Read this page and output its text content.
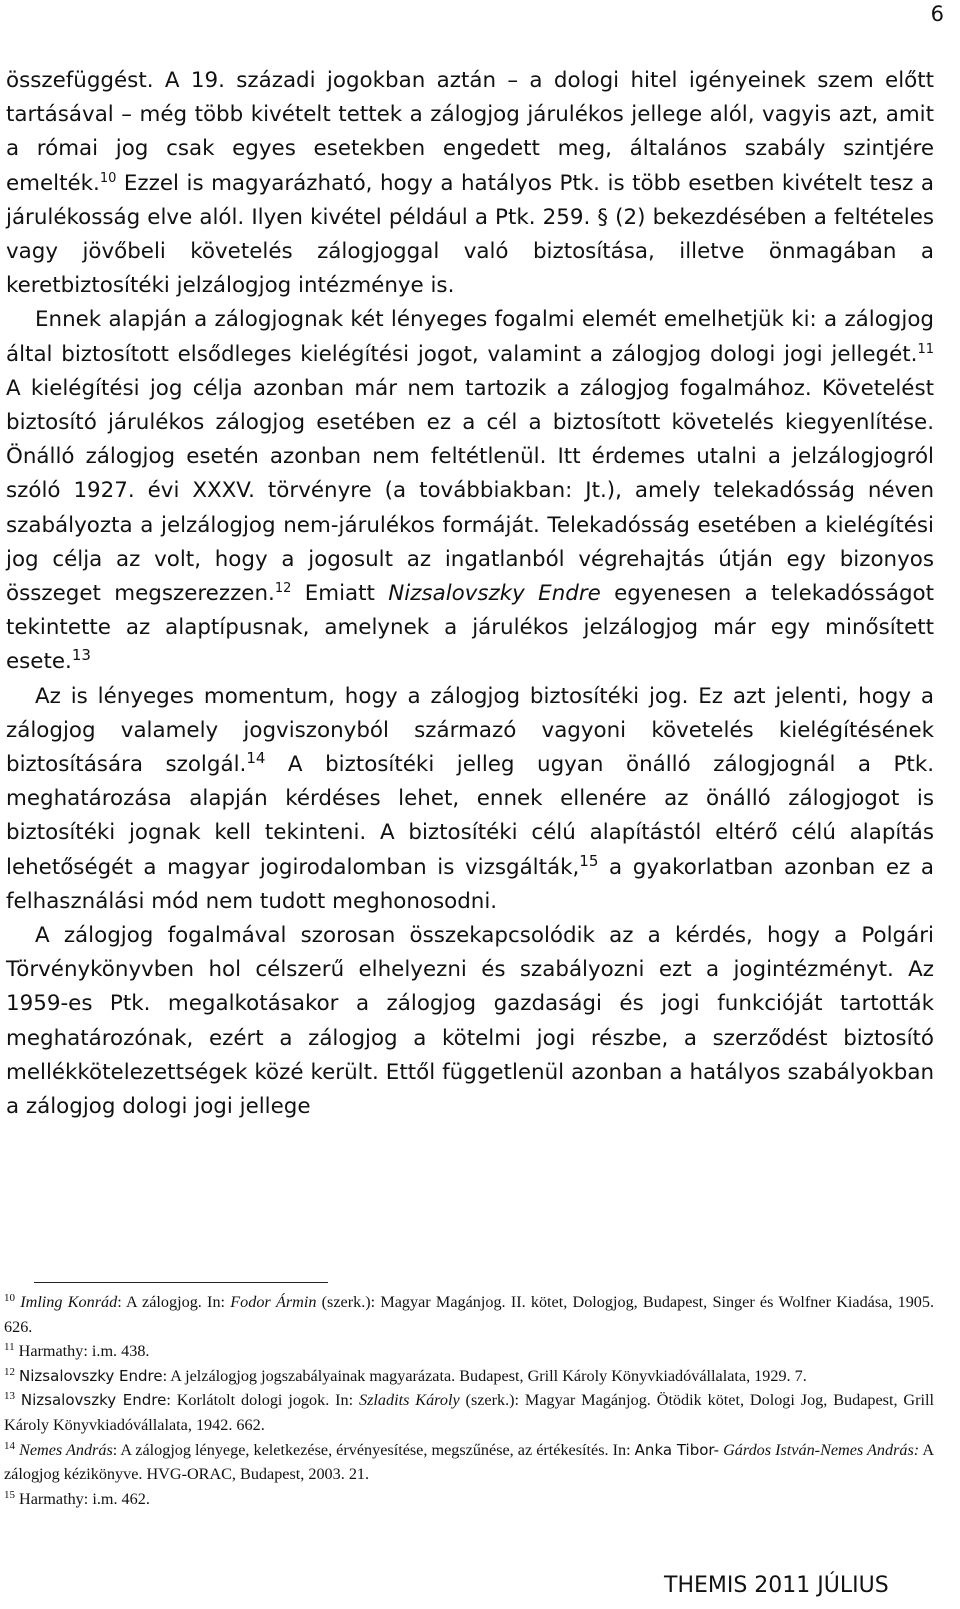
6

összefüggést. A 19. századi jogokban aztán – a dologi hitel igényeinek szem előtt tartásával – még több kivételt tettek a zálogjog járulékos jellege alól, vagyis azt, amit a római jog csak egyes esetekben engedett meg, általános szabály szintjére emelték.$^{10}$ Ezzel is magyarázható, hogy a hatályos Ptk. is több esetben kivételt tesz a járulékosság elve alól. Ilyen kivétel például a Ptk. 259. § (2) bekezdésében a feltételes vagy jövőbeli követelés zálogjoggal való biztosítása, illetve önmagában a keretbiztosítéki jelzálogjog intézménye is.

Ennek alapján a zálogjognak két lényeges fogalmi elemét emelhetjük ki: a zálogjog által biztosított elsődleges kielégítési jogot, valamint a zálogjog dologi jogi jellegét.$^{11}$ A kielégítési jog célja azonban már nem tartozik a zálogjog fogalmához. Követelést biztosító járulékos zálogjog esetében ez a cél a biztosított követelés kiegyenlítése. Önálló zálogjog esetén azonban nem feltétlenül. Itt érdemes utalni a jelzálogjogról szóló 1927. évi XXXV. törvényre (a továbbiakban: Jt.), amely telekadósság néven szabályozta a jelzálogjog nem-járulékos formáját. Telekadósság esetében a kielégítési jog célja az volt, hogy a jogosult az ingatlanból végrehajtás útján egy bizonyos összeget megszerezzen.$^{12}$ Emiatt Nizsalovszky Endre egyenesen a telekadósságot tekintette az alaptípusnak, amelynek a járulékos jelzálogjog már egy minősített esete.$^{13}$

Az is lényeges momentum, hogy a zálogjog biztosítéki jog. Ez azt jelenti, hogy a zálogjog valamely jogviszonyból származó vagyoni követelés kielégítésének biztosítására szolgál.$^{14}$ A biztosítéki jelleg ugyan önálló zálogjognál a Ptk. meghatározása alapján kérdéses lehet, ennek ellenére az önálló zálogjogot is biztosítéki jognak kell tekinteni. A biztosítéki célú alapítástól eltérő célú alapítás lehetőségét a magyar jogirodalomban is vizsgálták,$^{15}$ a gyakorlatban azonban ez a felhasználási mód nem tudott meghonosodni.

A zálogjog fogalmával szorosan összekapcsolódik az a kérdés, hogy a Polgári Törvénykönyvben hol célszerű elhelyezni és szabályozni ezt a jogintézményt. Az 1959-es Ptk. megalkotásakor a zálogjog gazdasági és jogi funkcióját tartották meghatározónak, ezért a zálogjog a kötelmi jogi részbe, a szerződést biztosító mellékkötelezettségek közé került. Ettől függetlenül azonban a hatályos szabályokban a zálogjog dologi jogi jellege

$^{10}$ Imling Konrád: A zálogjog. In: Fodor Ármin (szerk.): Magyar Magánjog. II. kötet, Dologjog, Budapest, Singer és Wolfner Kiadása, 1905. 626.

$^{11}$ Harmathy: i.m. 438.

$^{12}$ Nizsalovszky Endre: A jelzálogjog jogszabályainak magyarázata. Budapest, Grill Károly Könyvkiadóvállalata, 1929. 7.

$^{13}$ Nizsalovszky Endre: Korlátolt dologi jogok. In: Szladits Károly (szerk.): Magyar Magánjog. Ötödik kötet, Dologi Jog, Budapest, Grill Károly Könyvkiadóvállalata, 1942. 662.

$^{14}$ Nemes András: A zálogjog lényege, keletkezése, érvényesítése, megszűnése, az értékesítés. In: Anka Tibor- Gárdos István-Nemes András: A zálogjog kézikönyve. HVG-ORAC, Budapest, 2003. 21.

$^{15}$ Harmathy: i.m. 462.

THEMIS 2011 JÚLIUS
